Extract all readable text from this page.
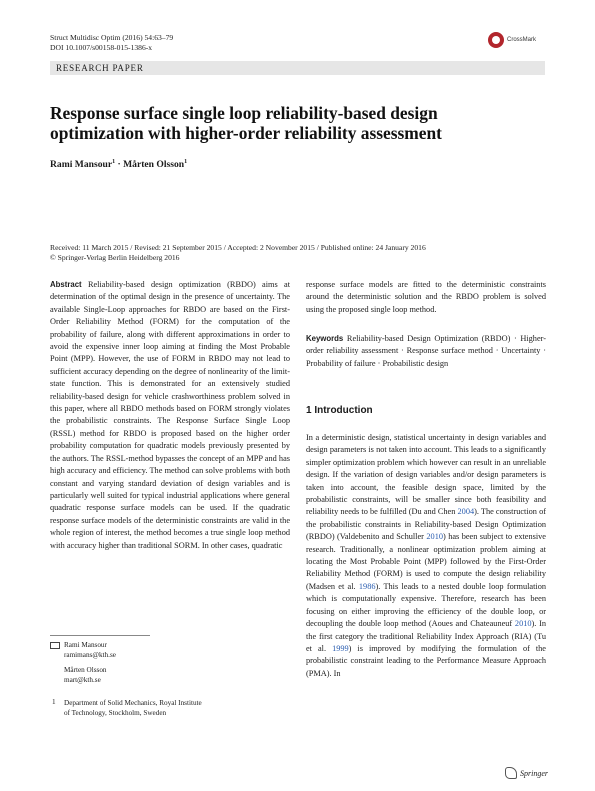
Struct Multidisc Optim (2016) 54:63–79
DOI 10.1007/s00158-015-1386-x
CrossMark
RESEARCH PAPER
Response surface single loop reliability-based design
optimization with higher-order reliability assessment
Rami Mansour$^1$ · Mårten Olsson$^1$
Received: 11 March 2015 / Revised: 21 September 2015 / Accepted: 2 November 2015 / Published online: 24 January 2016
© Springer-Verlag Berlin Heidelberg 2016
Abstract Reliability-based design optimization (RBDO) aims at determination of the optimal design in the presence of uncertainty. The available Single-Loop approaches for RBDO are based on the First-Order Reliability Method (FORM) for the computation of the probability of failure, along with different approximations in order to avoid the expensive inner loop aiming at finding the Most Probable Point (MPP). However, the use of FORM in RBDO may not lead to sufficient accuracy depending on the degree of nonlinearity of the limit-state function. This is demonstrated for an extensively studied reliability-based design for vehicle crashworthiness problem solved in this paper, where all RBDO methods based on FORM strongly violates the probabilistic constraints. The Response Surface Single Loop (RSSL) method for RBDO is proposed based on the higher order probability computation for quadratic models previously presented by the authors. The RSSL-method bypasses the concept of an MPP and has high accuracy and efficiency. The method can solve problems with both constant and varying standard deviation of design variables and is particularly well suited for typical industrial applications where general quadratic response surface models can be used. If the quadratic response surface models of the deterministic constraints are valid in the whole region of interest, the method becomes a true single loop method with accuracy higher than traditional SORM. In other cases, quadratic
response surface models are fitted to the deterministic constraints around the deterministic solution and the RBDO problem is solved using the proposed single loop method.
Keywords Reliability-based Design Optimization (RBDO) · Higher-order reliability assessment · Response surface method · Uncertainty · Probability of failure · Probabilistic design
1 Introduction
In a deterministic design, statistical uncertainty in design variables and design parameters is not taken into account. This leads to a significantly simpler optimization problem which however can result in an unreliable design. If the variation of design variables and/or design parameters is taken into account, the feasible design space, limited by the probabilistic constraints, will be smaller since both feasibility and reliability needs to be fulfilled (Du and Chen 2004). The construction of the probabilistic constraints in Reliability-based Design Optimization (RBDO) (Valdebenito and Schuller 2010) has been subject to extensive research. Traditionally, a nonlinear optimization problem aiming at locating the Most Probable Point (MPP) followed by the First-Order Reliability Method (FORM) is used to compute the design reliability (Madsen et al. 1986). This leads to a nested double loop formulation which is computationally expensive. Therefore, research has been focusing on either improving the efficiency of the double loop, or decoupling the double loop method (Aoues and Chateauneuf 2010). In the first category the traditional Reliability Index Approach (RIA) (Tu et al. 1999) is improved by modifying the formulation of the probabilistic constraint leading to the Performance Measure Approach (PMA). In
Rami Mansour
ramimans@kth.se
Mårten Olsson
mart@kth.se
1 Department of Solid Mechanics, Royal Institute
of Technology, Stockholm, Sweden
Springer
